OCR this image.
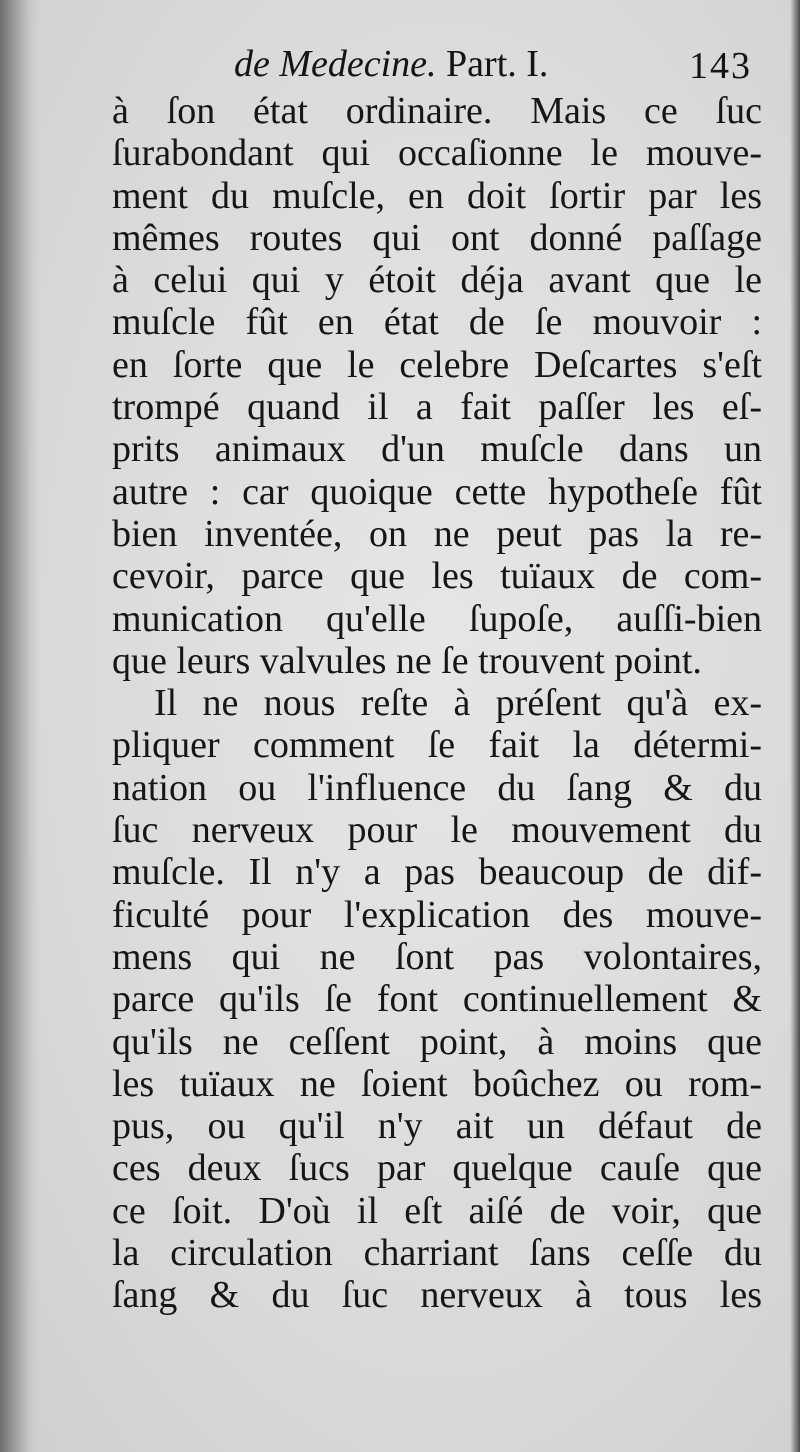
de Medecine. Part. I.	143
à ſon état ordinaire. Mais ce ſuc
ſurabondant qui occaſionne le mouve-
ment du muſcle, en doit ſortir par les
mêmes routes qui ont donné paſſage
à celui qui y étoit déja avant que le
muſcle fût en état de ſe mouvoir :
en ſorte que le celebre Deſcartes s'eſt
trompé quand il a fait paſſer les eſ-
prits animaux d'un muſcle dans un
autre : car quoique cette hypotheſe fût
bien inventée, on ne peut pas la re-
cevoir, parce que les tuïaux de com-
munication qu'elle ſupoſe, auſſi-bien
que leurs valvules ne ſe trouvent point.
Il ne nous reſte à préſent qu'à ex-
pliquer comment ſe fait la détermi-
nation ou l'influence du ſang & du
ſuc nerveux pour le mouvement du
muſcle. Il n'y a pas beaucoup de dif-
ficulté pour l'explication des mouve-
mens qui ne ſont pas volontaires,
parce qu'ils ſe font continuellement &
qu'ils ne ceſſent point, à moins que
les tuïaux ne ſoient boûchez ou rom-
pus, ou qu'il n'y ait un défaut de
ces deux ſucs par quelque cauſe que
ce ſoit. D'où il eſt aiſé de voir, que
la circulation charriant ſans ceſſe du
ſang & du ſuc nerveux à tous les
